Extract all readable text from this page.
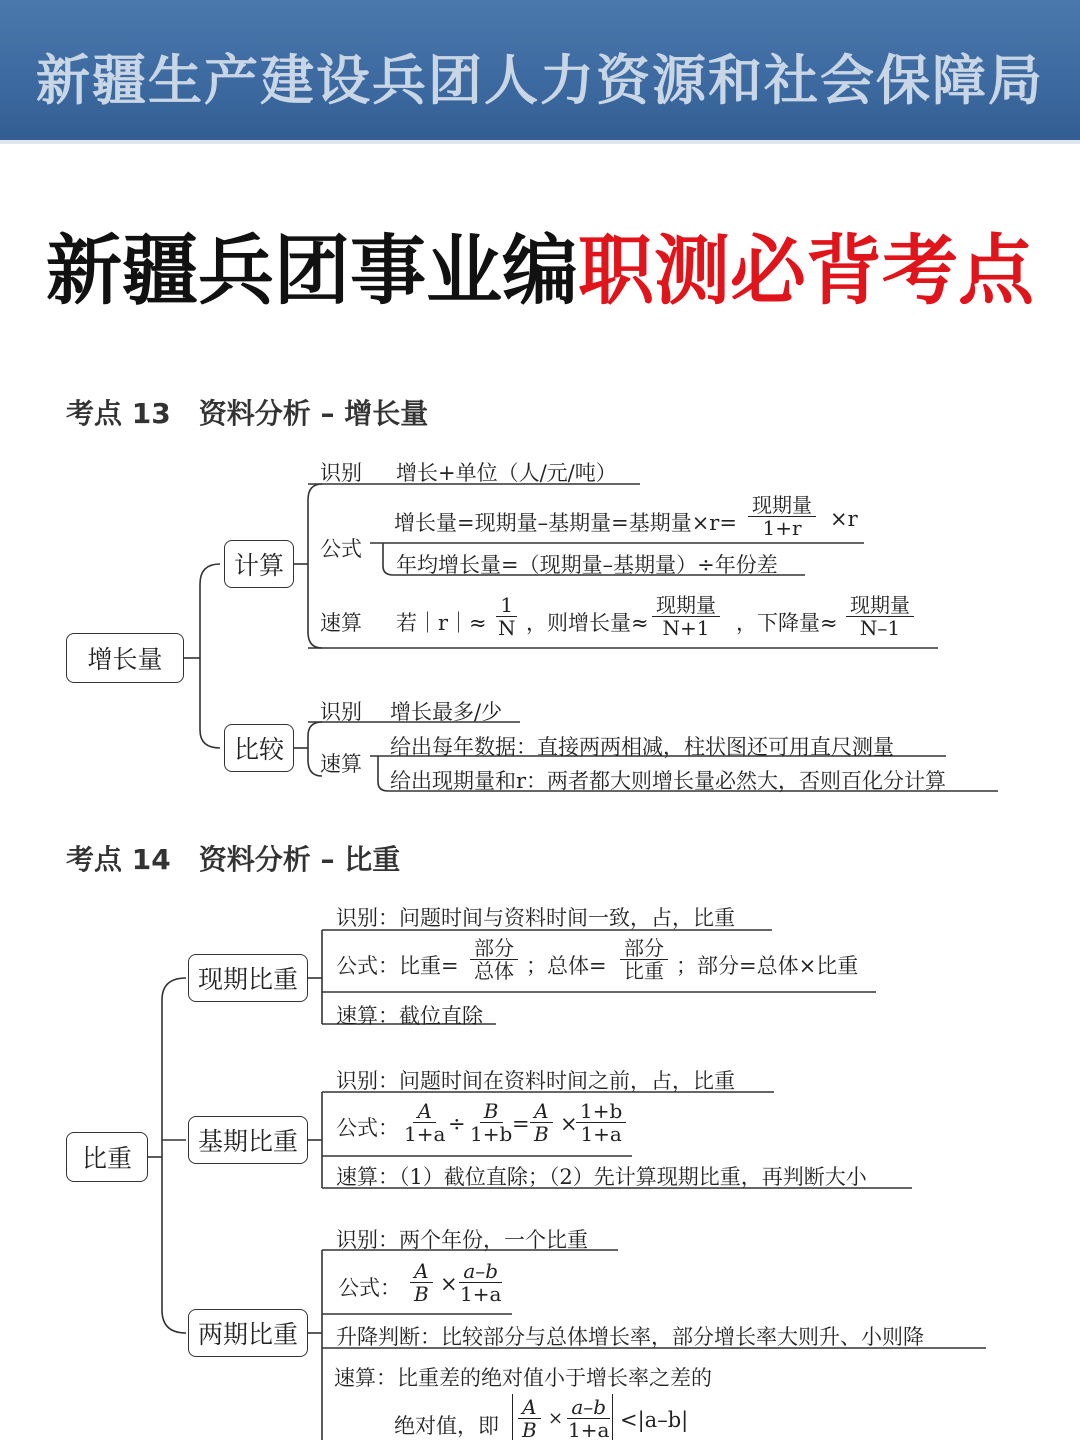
新疆生产建设兵团人力资源和社会保障局
新疆兵团事业编职测必背考点
考点 13　资料分析 – 增长量
增长量
计算
比较
识别 增长+单位（人/元/吨）
公式
增长量=现期量–基期量=基期量×r=
现期量
1+r ×r
年均增长量=（现期量–基期量）÷年份差
速算 若｜r｜≈ $\frac{1}{N}$ ，则增长量≈
现期量
N+1 ，下降量≈
现期量
N–1
识别 增长最多/少
速算
给出每年数据：直接两两相减，柱状图还可用直尺测量
给出现期量和r：两者都大则增长量必然大，否则百化分计算
考点 14　资料分析 – 比重
比重
现期比重
基期比重
两期比重
识别：问题时间与资料时间一致，占，比重
公式：比重=
部分
总体 ；总体=
部分
比重 ；部分=总体×比重
速算：截位直除
识别：问题时间在资料时间之前，占，比重
公式： $\frac{A}{1+a}$
÷ $\frac{B}{1+b}$
= $\frac{A}{B}$ ×
$\frac{1+b}{1+a}$
速算：（1）截位直除；（2）先计算现期比重，再判断大小
识别：两个年份，一个比重
公式： $\frac{A}{B}$ ×
$\frac{a-b}{1+a}$
升降判断：比较部分与总体增长率，部分增长率大则升、小则降
速算：比重差的绝对值小于增长率之差的
绝对值，即 $\frac{A}{B} \times \frac{a-b}{1+a} <|a-b|$
